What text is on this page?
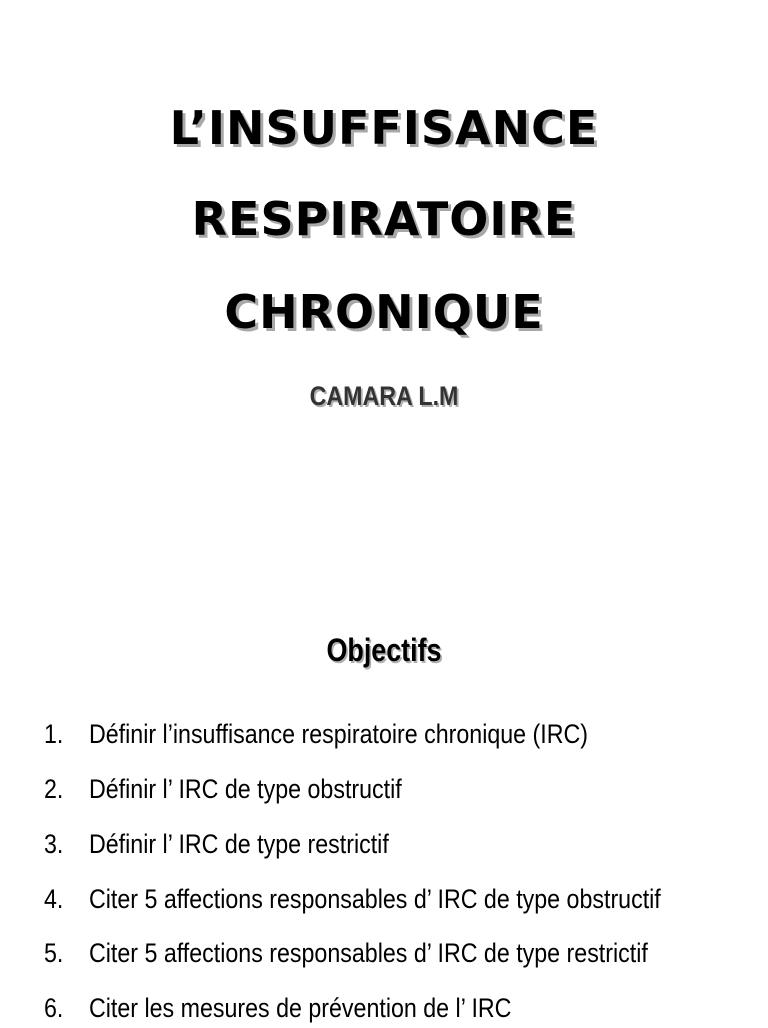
L’INSUFFISANCE
RESPIRATOIRE
CHRONIQUE
CAMARA L.M
Objectifs
1. Définir l’insuffisance respiratoire chronique (IRC)
2. Définir l’ IRC de type obstructif
3. Définir l’ IRC de type restrictif
4. Citer 5 affections responsables d’ IRC de type obstructif
5. Citer 5 affections responsables d’ IRC de type restrictif
6. Citer les mesures de prévention de l’ IRC
